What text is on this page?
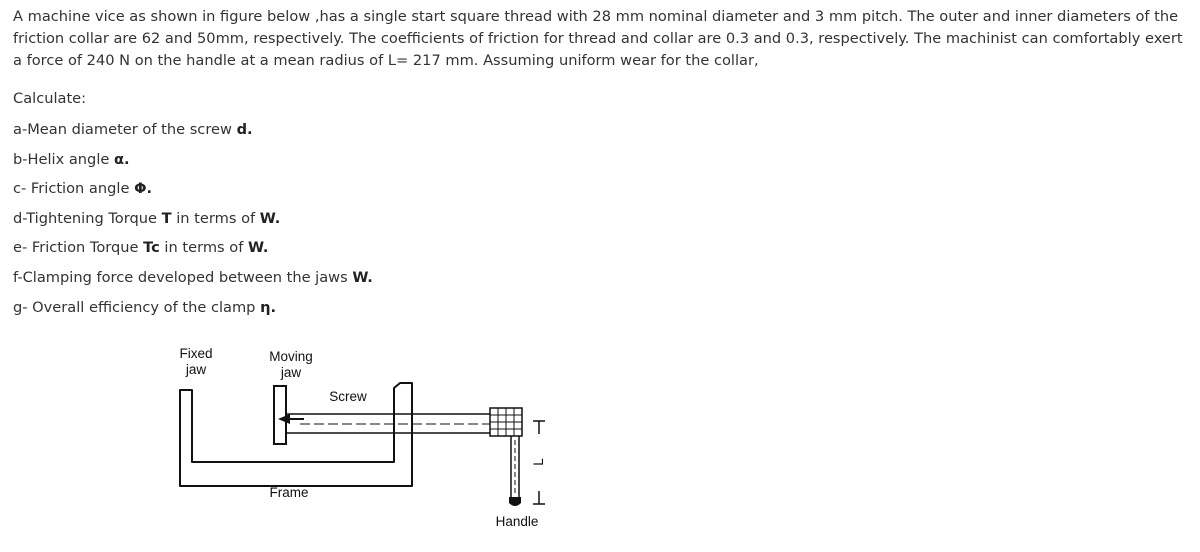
A machine vice as shown in figure below ,has a single start square thread with 28 mm nominal diameter and 3 mm pitch. The outer and inner diameters of the friction collar are 62 and 50mm, respectively. The coefficients of friction for thread and collar are 0.3 and 0.3, respectively. The machinist can comfortably exert a force of 240 N on the handle at a mean radius of L= 217 mm. Assuming uniform wear for the collar,

Calculate:

a-Mean diameter of the screw d.
b-Helix angle α.
c- Friction angle Φ.
d-Tightening Torque T in terms of W.
e- Friction Torque Tc in terms of W.
f-Clamping force developed between the jaws W.
g- Overall efficiency of the clamp η.
L
Fixed
jaw
Moving
jaw
Screw
Frame
Handle
